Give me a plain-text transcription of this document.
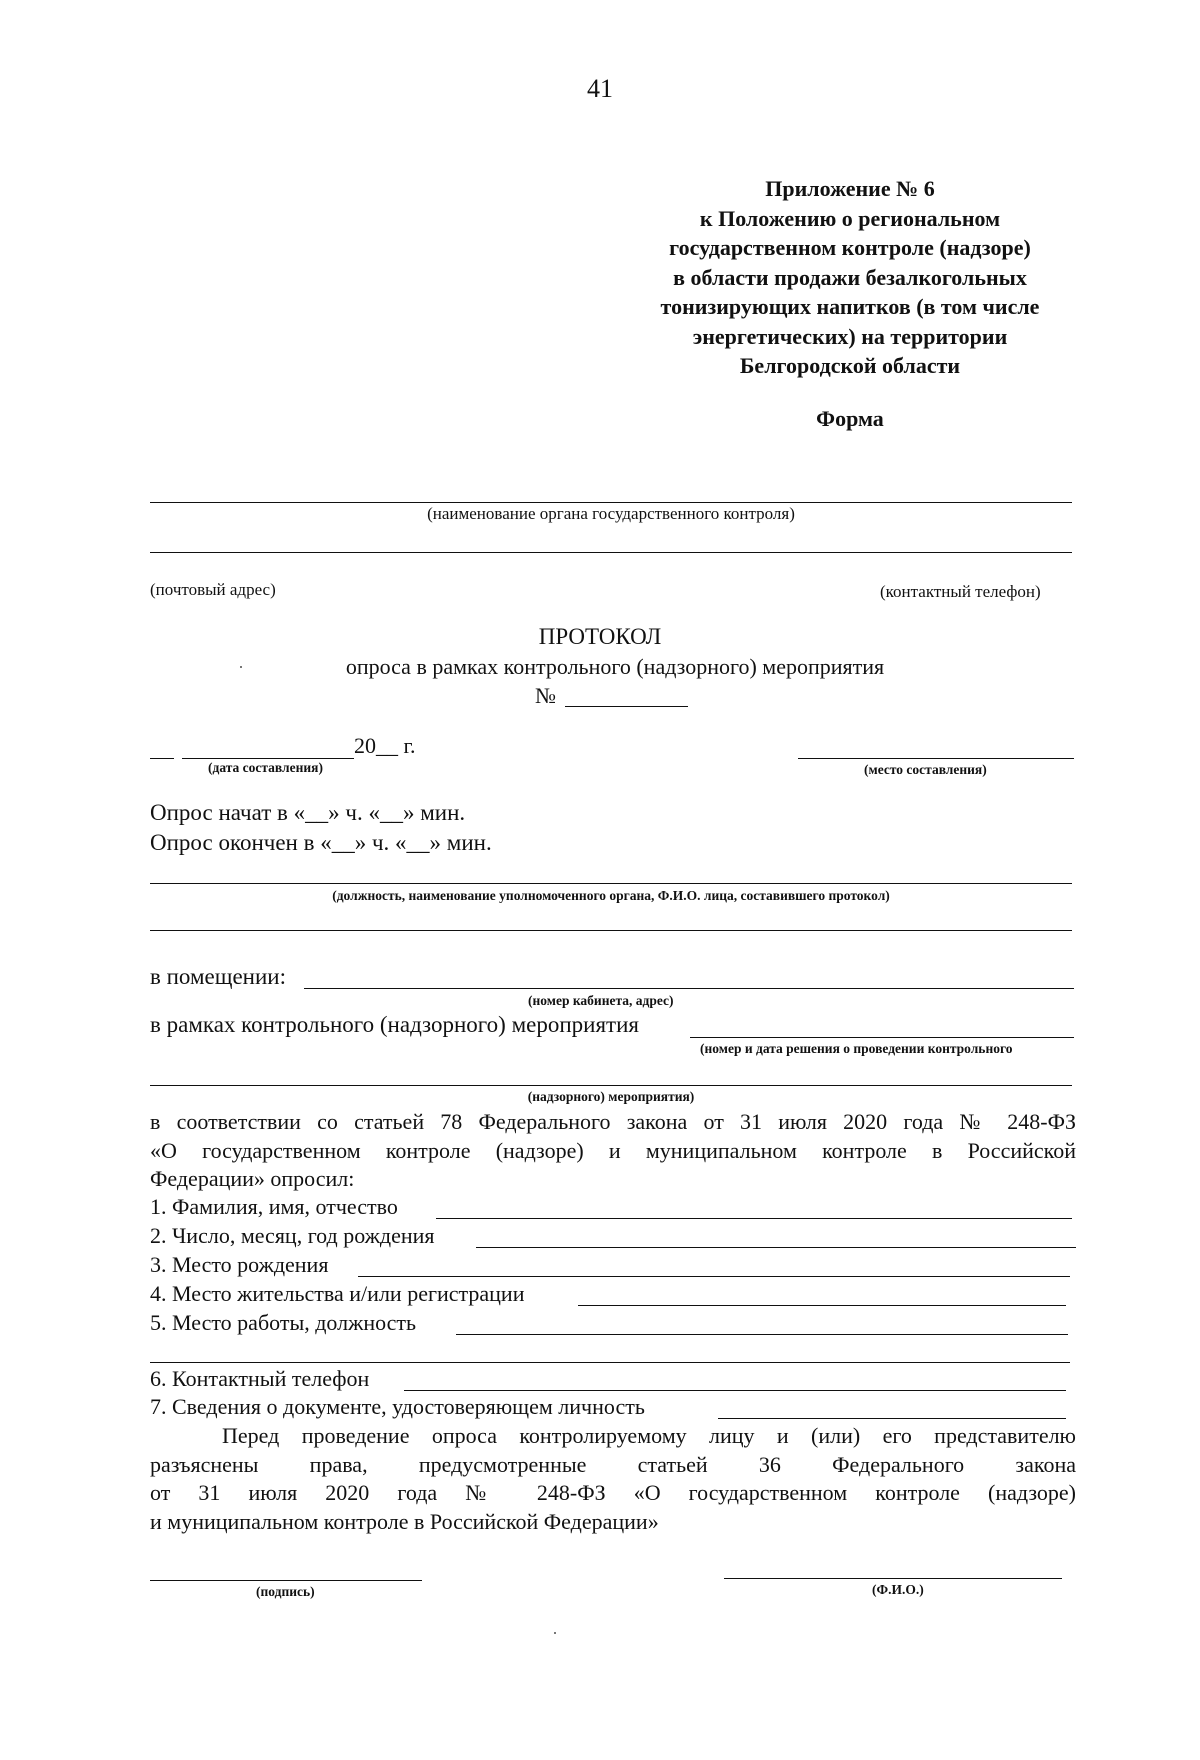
41
Приложение № 6
к Положению о региональном
государственном контроле (надзоре)
в области продажи безалкогольных
тонизирующих напитков (в том числе
энергетических) на территории
Белгородской области
Форма
(наименование органа государственного контроля)
(почтовый адрес)	(контактный телефон)
ПРОТОКОЛ
опроса в рамках контрольного (надзорного) мероприятия
№
20__ г.
(дата составления)	(место составления)
Опрос начат в «__» ч. «__» мин.
Опрос окончен в «__» ч. «__» мин.
(должность, наименование уполномоченного органа, Ф.И.О. лица, составившего протокол)
в помещении:
(номер кабинета, адрес)
в рамках контрольного (надзорного) мероприятия
(номер и дата решения о проведении контрольного
(надзорного) мероприятия)
в соответствии со статьей 78 Федерального закона от 31 июля 2020 года № 248-ФЗ
«О государственном контроле (надзоре) и муниципальном контроле в Российской
Федерации» опросил:
1. Фамилия, имя, отчество
2. Число, месяц, год рождения
3. Место рождения
4. Место жительства и/или регистрации
5. Место работы, должность
6. Контактный телефон
7. Сведения о документе, удостоверяющем личность
Перед проведение опроса контролируемому лицу и (или) его представителю
разъяснены права, предусмотренные статьей 36 Федерального закона
от 31 июля 2020 года № 248-ФЗ «О государственном контроле (надзоре)
и муниципальном контроле в Российской Федерации»
(подпись)	(Ф.И.О.)
